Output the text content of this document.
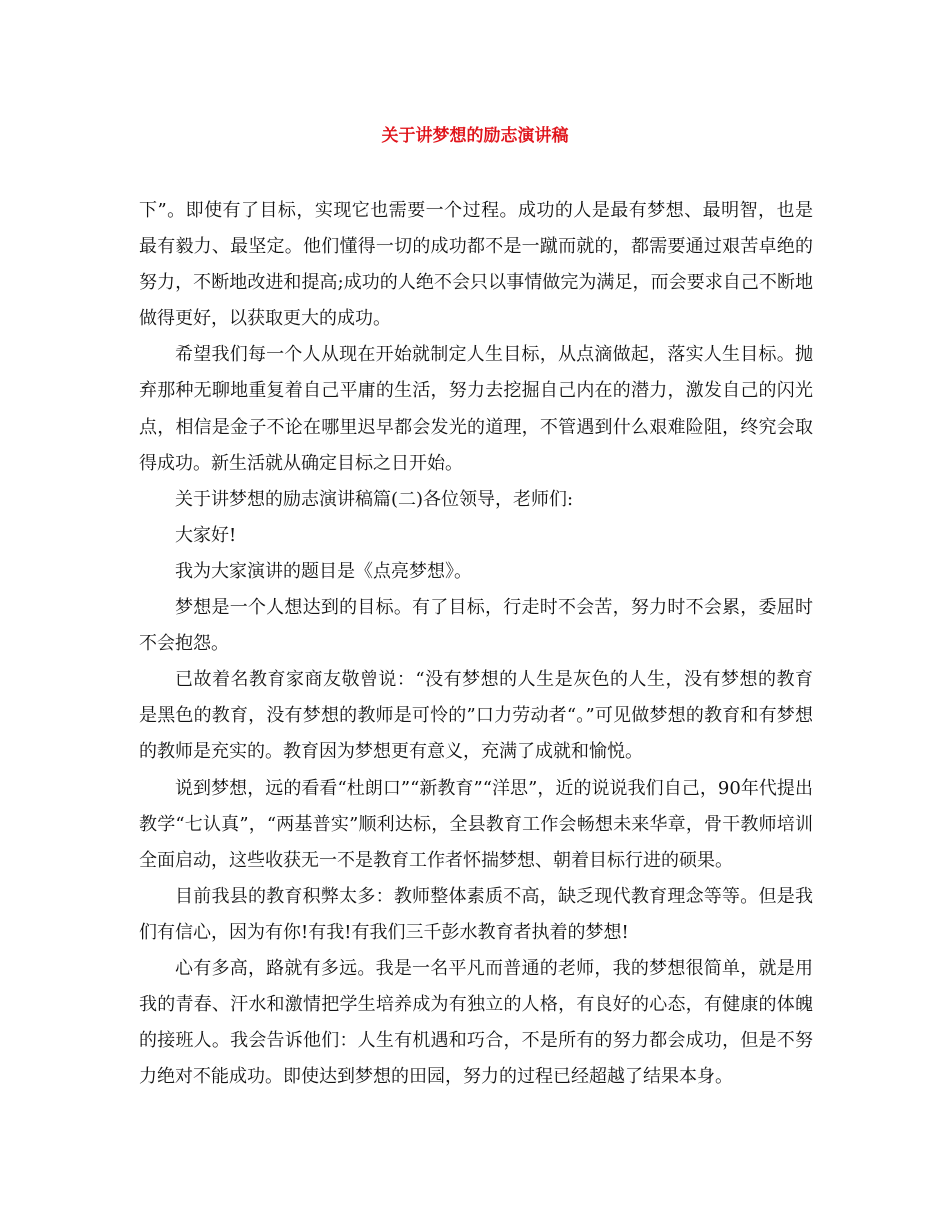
关于讲梦想的励志演讲稿

下”。即使有了目标，实现它也需要一个过程。成功的人是最有梦想、最明智，也是最有毅力、最坚定。他们懂得一切的成功都不是一蹴而就的，都需要通过艰苦卓绝的努力，不断地改进和提高;成功的人绝不会只以事情做完为满足，而会要求自己不断地做得更好，以获取更大的成功。

希望我们每一个人从现在开始就制定人生目标，从点滴做起，落实人生目标。抛弃那种无聊地重复着自己平庸的生活，努力去挖掘自己内在的潜力，激发自己的闪光点，相信是金子不论在哪里迟早都会发光的道理，不管遇到什么艰难险阻，终究会取得成功。新生活就从确定目标之日开始。

关于讲梦想的励志演讲稿篇(二)各位领导，老师们:

大家好!

我为大家演讲的题目是《点亮梦想》。

梦想是一个人想达到的目标。有了目标，行走时不会苦，努力时不会累，委屈时不会抱怨。

已故着名教育家商友敬曾说：“没有梦想的人生是灰色的人生，没有梦想的教育是黑色的教育，没有梦想的教师是可怜的”口力劳动者“。”可见做梦想的教育和有梦想的教师是充实的。教育因为梦想更有意义，充满了成就和愉悦。

说到梦想，远的看看“杜朗口”“新教育”“洋思”，近的说说我们自己，90年代提出教学“七认真”，“两基普实”顺利达标，全县教育工作会畅想未来华章，骨干教师培训全面启动，这些收获无一不是教育工作者怀揣梦想、朝着目标行进的硕果。

目前我县的教育积弊太多：教师整体素质不高，缺乏现代教育理念等等。但是我们有信心，因为有你!有我!有我们三千彭水教育者执着的梦想!

心有多高，路就有多远。我是一名平凡而普通的老师，我的梦想很简单，就是用我的青春、汗水和激情把学生培养成为有独立的人格，有良好的心态，有健康的体魄的接班人。我会告诉他们：人生有机遇和巧合，不是所有的努力都会成功，但是不努力绝对不能成功。即使达到梦想的田园，努力的过程已经超越了结果本身。
